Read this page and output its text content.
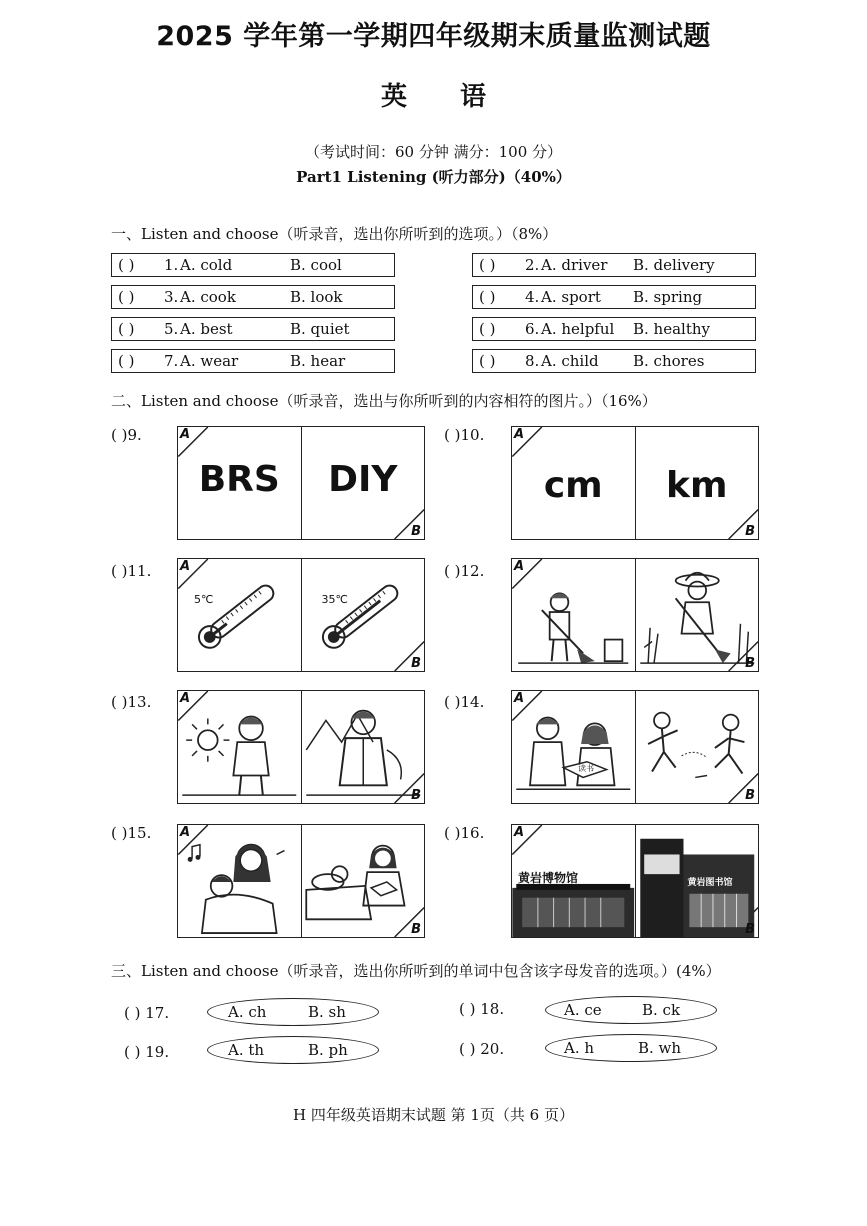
2025 学年第一学期四年级期末质量监测试题
英 语
（考试时间：60 分钟 满分：100 分）
Part1 Listening (听力部分)（40%）
一、Listen and choose（听录音，选出你所听到的选项。）（8%）
( ) 1. A. cold	B. cool	( ) 2. A. driver B. delivery
( ) 3. A. cook	B. look	( ) 4. A. sport B. spring
( ) 5. A. best	B. quiet	( ) 6. A. helpful B. healthy
( ) 7. A. wear	B. hear	( ) 8. A. child B. chores
二、Listen and choose（听录音，选出与你所听到的内容相符的图片。）（16%）
( )9.	A
BRS
B
DIY
( )10. A
cm
B
km
( )11. A
5℃
B
35℃
( )12. A
B
( )13. A
B
( )14. A
读书
B
( )15. A
B
( )16. A
黄岩博物馆
B
黄岩图书馆
三、Listen and choose（听录音，选出你所听到的单词中包含该字母发音的选项。）(4%）
( ) 17.	A. ch	B. sh	( ) 18.	A. ce	B. ck
( ) 19.	A. th	B. ph	( ) 20.	A. h	B. wh
H 四年级英语期末试题 第 1页（共 6 页）
